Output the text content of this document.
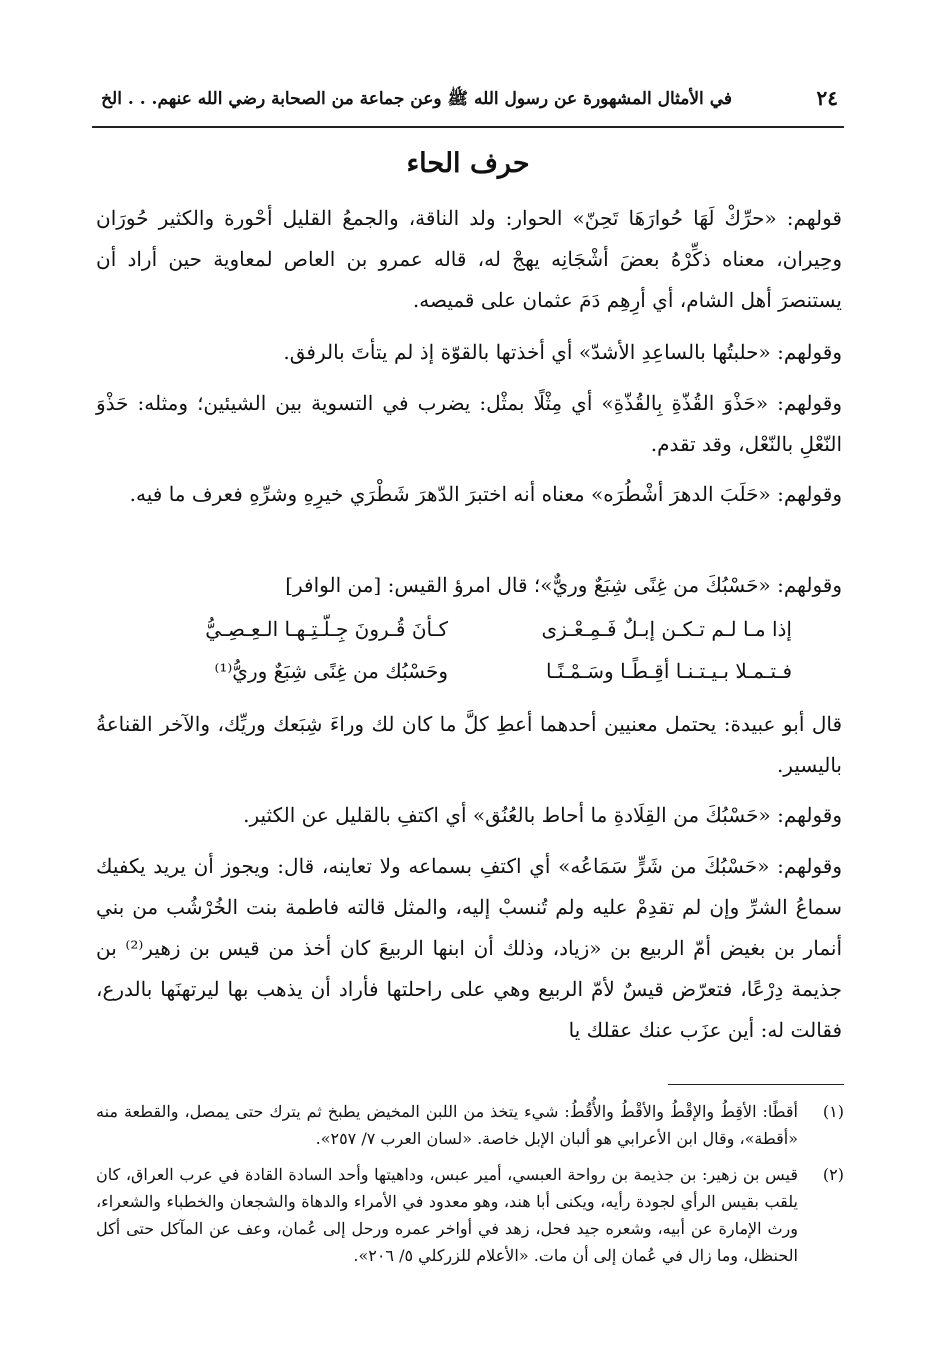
في الأمثال المشهورة عن رسول الله ﷺ وعن جماعة من الصحابة رضي الله عنهم. . . الخ	٢٤
حرف الحاء
قولهم: «حرِّكْ لَهَا حُوارَهَا تَحِنّ» الحوار: ولد الناقة، والجمعُ القليل أحْورة والكثير حُورَان وحِيران، معناه ذكِّرْهُ بعضَ أشْجَانِه يهجْ له، قاله عمرو بن العاص لمعاوية حين أراد أن يستنصرَ أهل الشام، أي أرِهِم دَمَ عثمان على قميصه.
وقولهم: «حلبتُها بالساعِدِ الأشدّ» أي أخذتها بالقوّة إذ لم يتأتَ بالرفق.
وقولهم: «حَذْوَ القُذّةِ بِالقُذّةِ» أي مِثْلًا بمثْل: يضرب في التسوية بين الشيئين؛ ومثله: حَذْوَ النّعْلِ بالنّعْل، وقد تقدم.
وقولهم: «حَلَبَ الدهرَ أشْطُرَه» معناه أنه اختبرَ الدّهرَ شَطْرَي خيرِهِ وشرِّهِ فعرف ما فيه.
وقولهم: «حَسْبُكَ من غِنًى شِبَعٌ وريٌّ»؛ قال امرؤ القيس: [من الوافر]
إذا مـا لـم تـكـن إبـلٌ فَـمِـعْـزى
كـأنَ قُـرونَ جِـلّـتِـهـا الـعِـصِـيُّ
فـتـمـلا بـيـتـنـا أقِـطًـا وسَـمْـنًـا
وحَسْبُك من غِنًى شِبَعٌ وريُّ⁽¹⁾
قال أبو عبيدة: يحتمل معنيين أحدهما أعطِ كلَّ ما كان لك وراءَ شِبَعك وريِّك، والآخر القناعةُ باليسير.
وقولهم: «حَسْبُكَ من القِلَادةِ ما أحاط بالعُنُق» أي اكتفِ بالقليل عن الكثير.
وقولهم: «حَسْبُكَ من شَرٍّ سَمَاعُه» أي اكتفِ بسماعه ولا تعاينه، قال: ويجوز أن يريد يكفيك سماعُ الشرِّ وإن لم تقدِمْ عليه ولم تُنسبْ إليه، والمثل قالته فاطمة بنت الخُرْشُب من بني أنمار بن بغيض أمّ الربيع بن «زياد، وذلك أن ابنها الربيعَ كان أخذ من قيس بن زهير⁽²⁾ بن جذيمة دِرْعًا، فتعرّض قيسٌ لأمّ الربيع وهي على راحلتها فأراد أن يذهب بها ليرتهنَها بالدرع، فقالت له: أين عزَب عنك عقلك يا
(١)
أقطًا: الأقِطُ والإقْطُ والأقْطُ والأُقُطُ: شيء يتخذ من اللبن المخيض يطبخ ثم يترك حتى يمصل، والقطعة منه «أقطة»، وقال ابن الأعرابي هو ألبان الإبل خاصة. «لسان العرب ٧/ ٢٥٧».
(٢)
قيس بن زهير: بن جذيمة بن رواحة العبسي، أمير عبس، وداهيتها وأحد السادة القادة في عرب العراق، كان يلقب بقيس الرأي لجودة رأيه، ويكنى أبا هند، وهو معدود في الأمراء والدهاة والشجعان والخطباء والشعراء، ورث الإمارة عن أبيه، وشعره جيد فحل، زهد في أواخر عمره ورحل إلى عُمان، وعف عن المآكل حتى أكل الحنظل، وما زال في عُمان إلى أن مات. «الأعلام للزركلي ٥/ ٢٠٦».
